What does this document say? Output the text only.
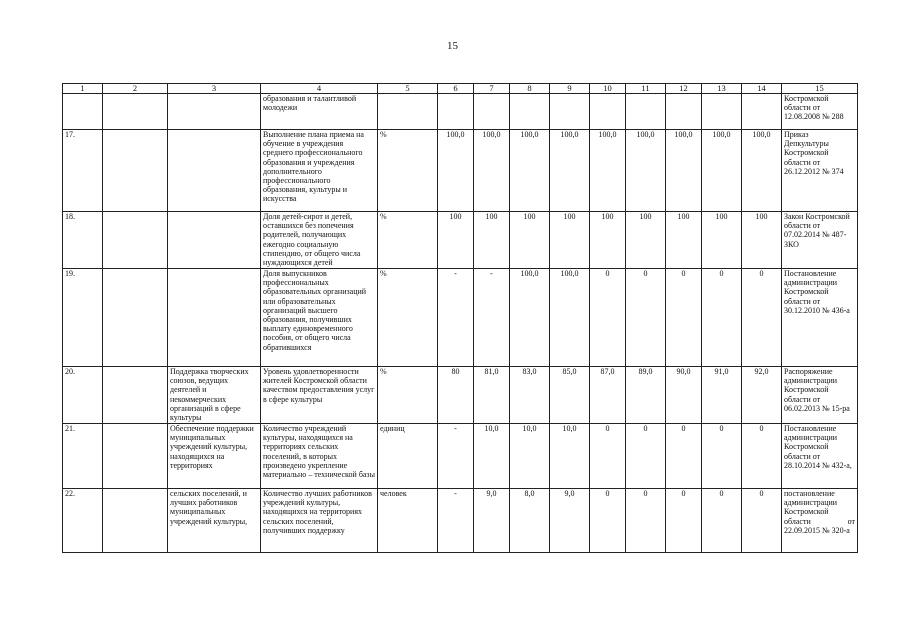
15
1	2	3	4	5	6	7	8	9	10	11	12	13	14	15
			образования и талантливой молодежи											Костромской области от 12.08.2008 № 288
17.			Выполнение плана приема на обучение в учреждения среднего профессионального образования и учреждения дополнительного профессионального образования, культуры и искусства	%	100,0	100,0	100,0	100,0	100,0	100,0	100,0	100,0	100,0	Приказ Депкультуры Костромской области от 26.12.2012 № 374
18.			Доля детей-сирот и детей, оставшихся без попечения родителей, получающих ежегодно социальную стипендию, от общего числа нуждающихся детей	%	100	100	100	100	100	100	100	100	100	Закон Костромской области от 07.02.2014 № 487-ЗКО
19.			Доля выпускников профессиональных образовательных организаций или образовательных организаций высшего образования, получивших выплату единовременного пособия, от общего числа обратившихся	%	-	-	100,0	100,0	0	0	0	0	0	Постановление администрации Костромской области от 30.12.2010 № 436-а
20.		Поддержка творческих союзов, ведущих деятелей и некоммерческих организаций в сфере культуры	Уровень удовлетворенности жителей Костромской области качеством предоставления услуг в сфере культуры	%	80	81,0	83,0	85,0	87,0	89,0	90,0	91,0	92,0	Распоряжение администрации Костромской области от 06.02.2013 № 15-ра
21.		Обеспечение поддержки муниципальных учреждений культуры, находящихся на территориях	Количество учреждений культуры, находящихся на территориях сельских поселений, в которых произведено укрепление материально – технической базы	единиц	-	10,0	10,0	10,0	0	0	0	0	0	Постановление администрации Костромской области от 28.10.2014 № 432-а,
22.		сельских поселений, и лучших работников муниципальных учреждений культуры,	Количество лучших работников учреждений культуры, находящихся на территориях сельских поселений, получивших поддержку	человек	-	9,0	8,0	9,0	0	0	0	0	0	постановление администрации Костромской области от 22.09.2015 № 320-а
